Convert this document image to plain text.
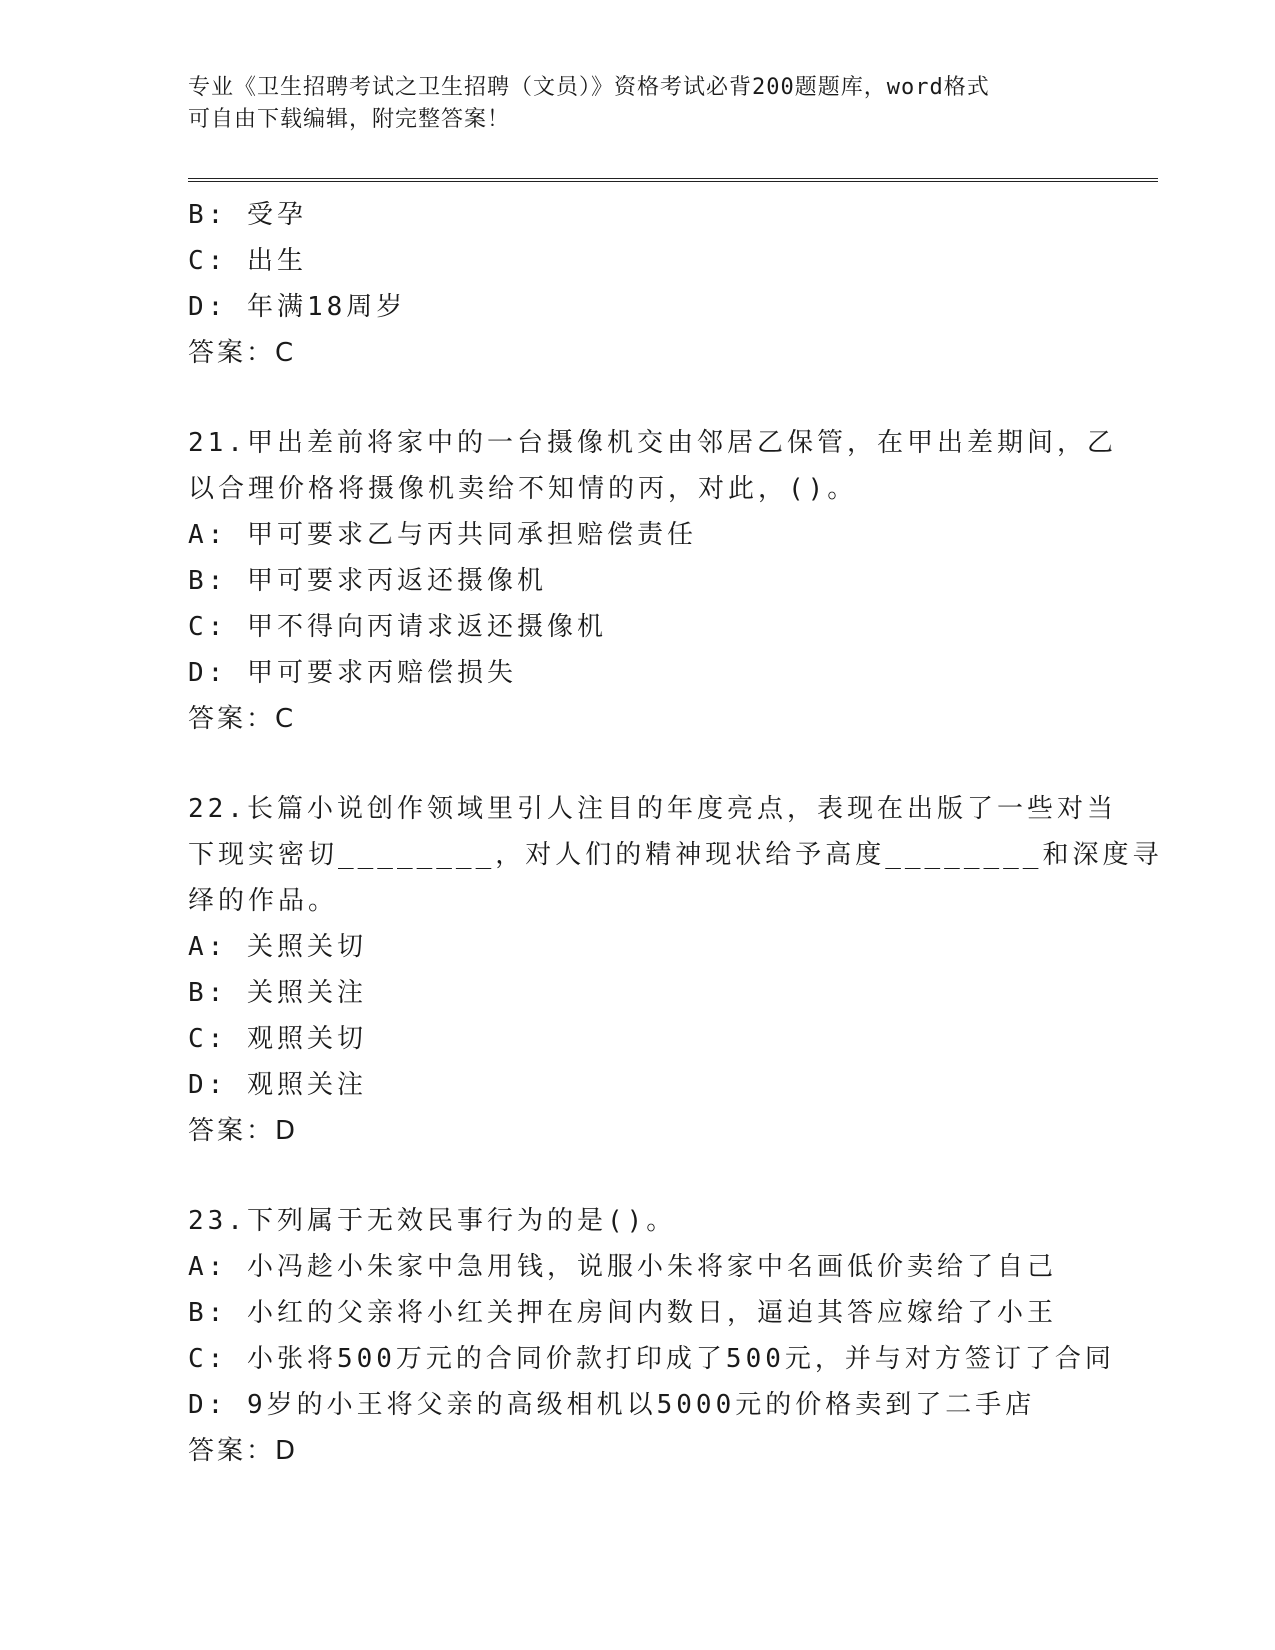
专业《卫生招聘考试之卫生招聘（文员）》资格考试必背200题题库，word格式
可自由下载编辑，附完整答案！
B: 受孕
C: 出生
D: 年满18周岁
答案：C
21.甲出差前将家中的一台摄像机交由邻居乙保管，在甲出差期间，乙
以合理价格将摄像机卖给不知情的丙，对此，()。
A: 甲可要求乙与丙共同承担赔偿责任
B: 甲可要求丙返还摄像机
C: 甲不得向丙请求返还摄像机
D: 甲可要求丙赔偿损失
答案：C
22.长篇小说创作领域里引人注目的年度亮点，表现在出版了一些对当
下现实密切________，对人们的精神现状给予高度________和深度寻
绎的作品。
A: 关照关切
B: 关照关注
C: 观照关切
D: 观照关注
答案：D
23.下列属于无效民事行为的是()。
A: 小冯趁小朱家中急用钱，说服小朱将家中名画低价卖给了自己
B: 小红的父亲将小红关押在房间内数日，逼迫其答应嫁给了小王
C: 小张将500万元的合同价款打印成了500元，并与对方签订了合同
D: 9岁的小王将父亲的高级相机以5000元的价格卖到了二手店
答案：D
